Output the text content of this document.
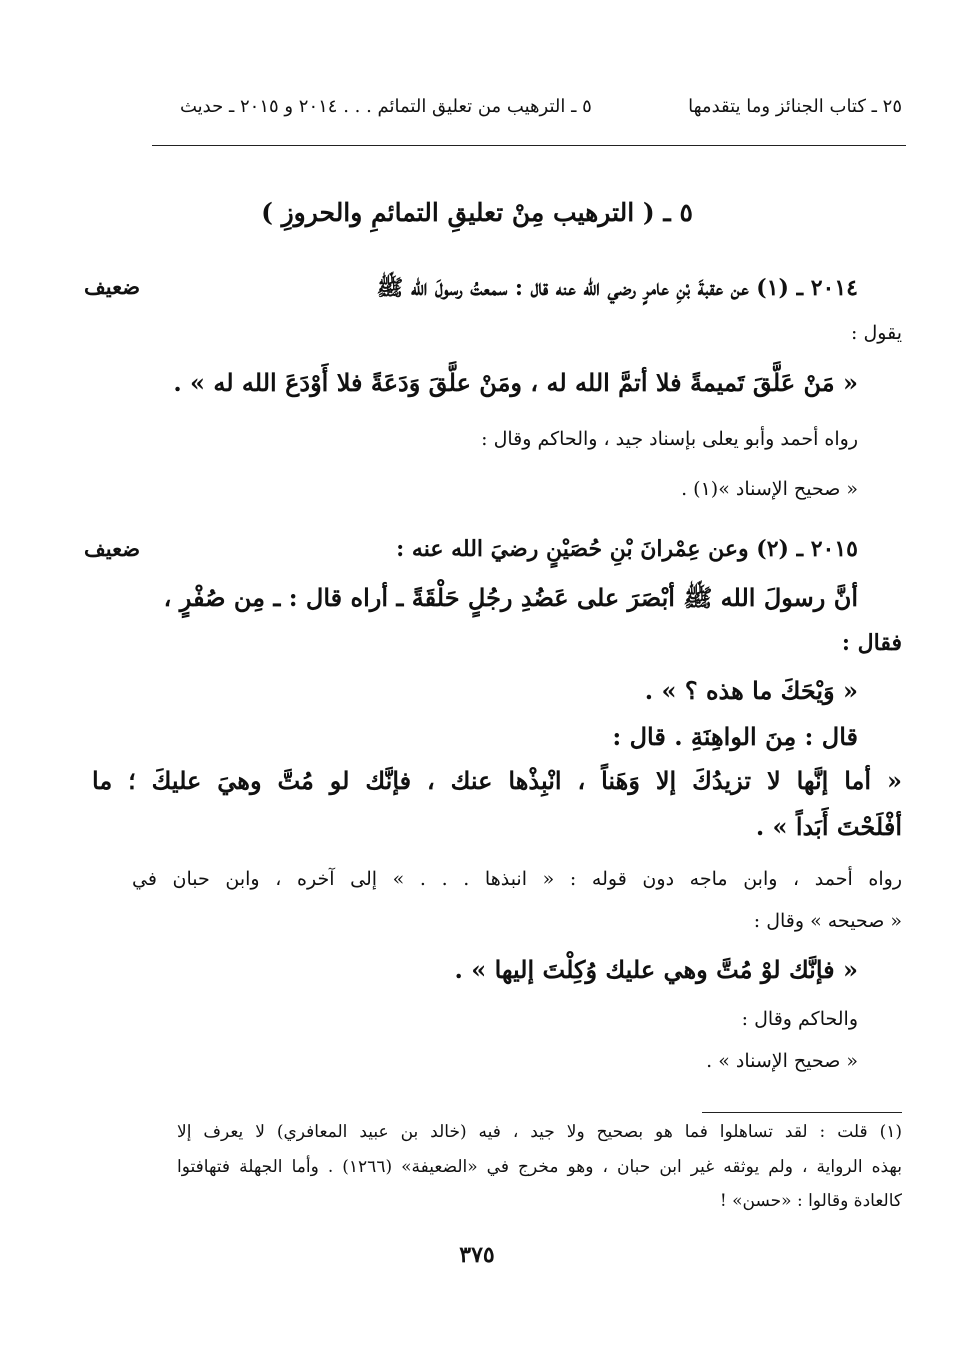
٢٥ ـ كتاب الجنائز وما يتقدمها
٥ ـ الترهيب من تعليق التمائم . . . ٢٠١٤ و ٢٠١٥ ـ حديث
٥ ـ ( الترهيب مِنْ تعليقِ التمائمِ والحروزِ )
٢٠١٤ ـ (١) عن عقبةَ بْنِ عامرٍ رضي الله عنه قال : سمعتُ رسولَ الله ﷺ
ضعيف
يقول :
« مَنْ عَلَّقَ تَميمةً فلا أتمَّ الله له ، ومَنْ علَّقَ وَدَعَةً فلا أَوْدَعَ الله له » .
رواه أحمد وأبو يعلى بإسناد جيد ، والحاكم وقال :
« صحيح الإسناد »(١) .
٢٠١٥ ـ (٢) وعن عِمْرانَ بْنِ حُصَيْنٍ رضيَ الله عنه :
ضعيف
أنَّ رسولَ الله ﷺ أبْصَرَ على عَضُدِ رجُلٍ حَلْقَةً ـ أراه قال : ـ مِن صُفْرٍ ،
فقال :
« وَيْحَكَ ما هذه ؟ » .
قال : مِنَ الواهِنَةِ . قال :
« أما إنَّها لا تزيدُكَ إلا وَهَناً ، انْبِذْها عنك ، فإنَّك لو مُتَّ وهيَ عليكَ ؛ ما
أفْلَحْتَ أَبَداً » .
رواه أحمد ، وابن ماجه دون قوله : « انبذها . . . » إلى آخره ، وابن حبان في
« صحيحه » وقال :
« فإنَّك لوْ مُتَّ وهي عليك وُكِلْتَ إليها » .
والحاكم وقال :
« صحيح الإسناد » .
(١) قلت : لقد تساهلوا فما هو بصحيح ولا جيد ، فيه (خالد بن عبيد المعافري) لا يعرف إلا
بهذه الرواية ، ولم يوثقه غير ابن حبان ، وهو مخرج في «الضعيفة» (١٢٦٦) . وأما الجهلة فتهافتوا
كالعادة وقالوا : «حسن» !
٣٧٥
